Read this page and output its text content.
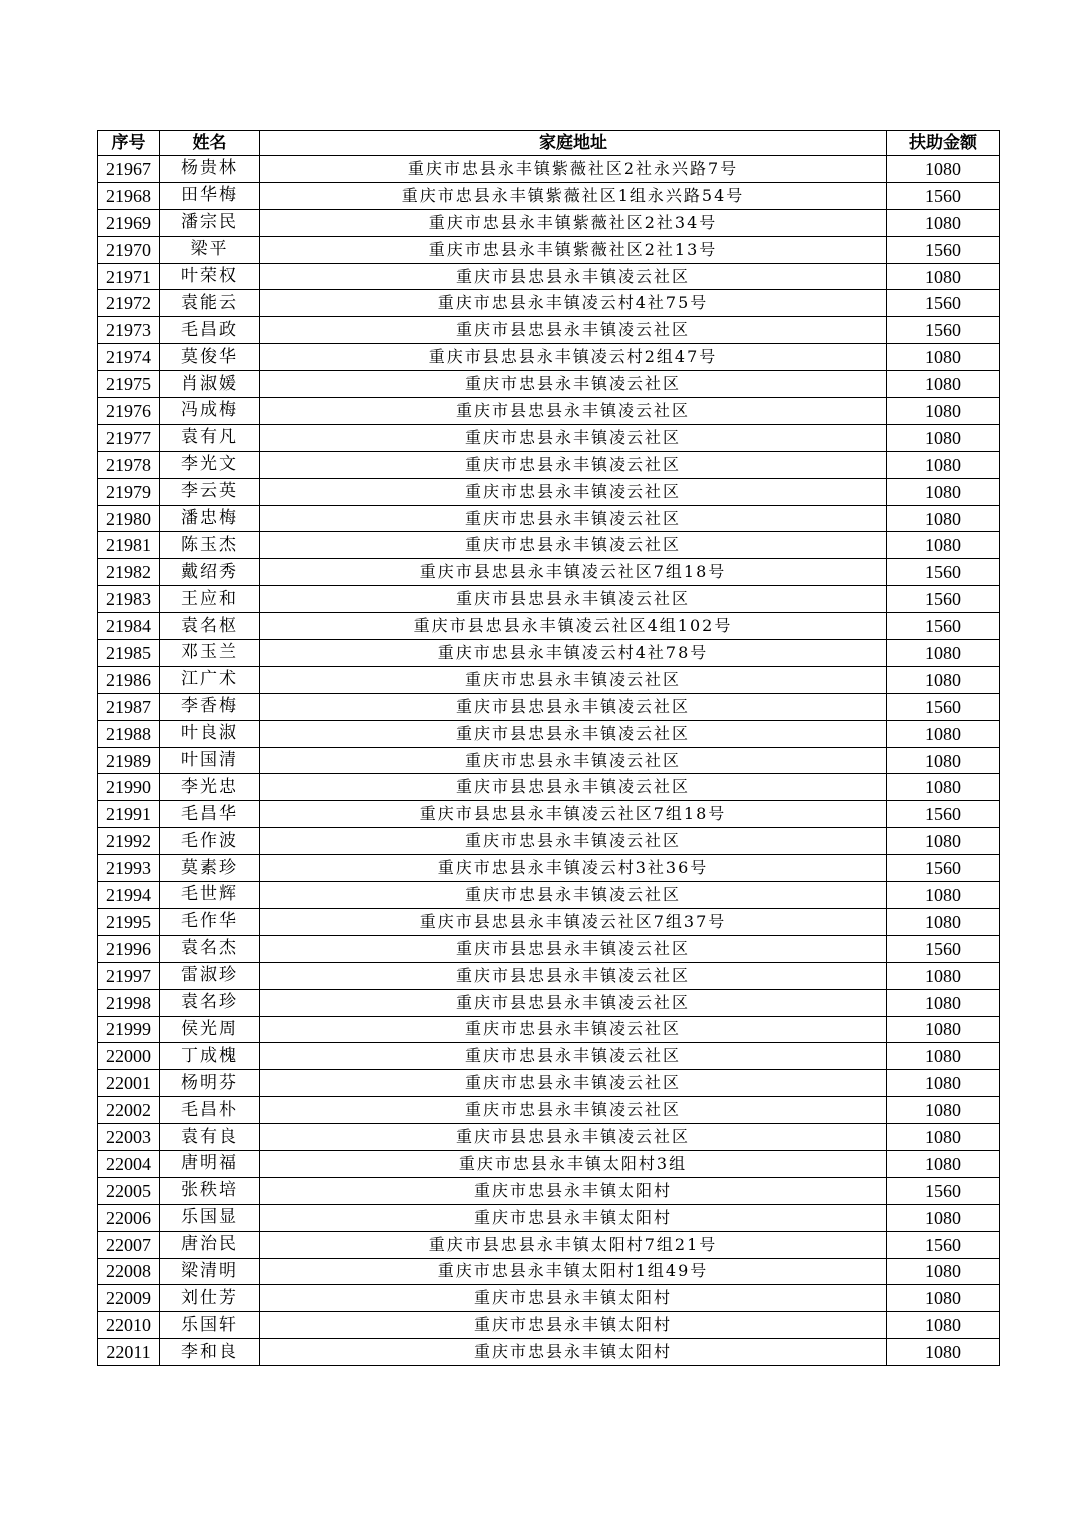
序号	姓名	家庭地址	扶助金额
21967	杨贵林	重庆市忠县永丰镇紫薇社区2社永兴路7号	1080
21968	田华梅	重庆市忠县永丰镇紫薇社区1组永兴路54号	1560
21969	潘宗民	重庆市忠县永丰镇紫薇社区2社34号	1080
21970	梁平	重庆市忠县永丰镇紫薇社区2社13号	1560
21971	叶荣权	重庆市县忠县永丰镇凌云社区	1080
21972	袁能云	重庆市忠县永丰镇凌云村4社75号	1560
21973	毛昌政	重庆市县忠县永丰镇凌云社区	1560
21974	莫俊华	重庆市县忠县永丰镇凌云村2组47号	1080
21975	肖淑媛	重庆市忠县永丰镇凌云社区	1080
21976	冯成梅	重庆市县忠县永丰镇凌云社区	1080
21977	袁有凡	重庆市忠县永丰镇凌云社区	1080
21978	李光文	重庆市忠县永丰镇凌云社区	1080
21979	李云英	重庆市忠县永丰镇凌云社区	1080
21980	潘忠梅	重庆市忠县永丰镇凌云社区	1080
21981	陈玉杰	重庆市忠县永丰镇凌云社区	1080
21982	戴绍秀	重庆市县忠县永丰镇凌云社区7组18号	1560
21983	王应和	重庆市县忠县永丰镇凌云社区	1560
21984	袁名枢	重庆市县忠县永丰镇凌云社区4组102号	1560
21985	邓玉兰	重庆市忠县永丰镇凌云村4社78号	1080
21986	江广术	重庆市忠县永丰镇凌云社区	1080
21987	李香梅	重庆市县忠县永丰镇凌云社区	1560
21988	叶良淑	重庆市县忠县永丰镇凌云社区	1080
21989	叶国清	重庆市忠县永丰镇凌云社区	1080
21990	李光忠	重庆市县忠县永丰镇凌云社区	1080
21991	毛昌华	重庆市县忠县永丰镇凌云社区7组18号	1560
21992	毛作波	重庆市忠县永丰镇凌云社区	1080
21993	莫素珍	重庆市忠县永丰镇凌云村3社36号	1560
21994	毛世辉	重庆市忠县永丰镇凌云社区	1080
21995	毛作华	重庆市县忠县永丰镇凌云社区7组37号	1080
21996	袁名杰	重庆市县忠县永丰镇凌云社区	1560
21997	雷淑珍	重庆市县忠县永丰镇凌云社区	1080
21998	袁名珍	重庆市县忠县永丰镇凌云社区	1080
21999	侯光周	重庆市忠县永丰镇凌云社区	1080
22000	丁成槐	重庆市忠县永丰镇凌云社区	1080
22001	杨明芬	重庆市忠县永丰镇凌云社区	1080
22002	毛昌朴	重庆市忠县永丰镇凌云社区	1080
22003	袁有良	重庆市县忠县永丰镇凌云社区	1080
22004	唐明福	重庆市忠县永丰镇太阳村3组	1080
22005	张秩培	重庆市忠县永丰镇太阳村	1560
22006	乐国显	重庆市忠县永丰镇太阳村	1080
22007	唐治民	重庆市县忠县永丰镇太阳村7组21号	1560
22008	梁清明	重庆市忠县永丰镇太阳村1组49号	1080
22009	刘仕芳	重庆市忠县永丰镇太阳村	1080
22010	乐国轩	重庆市忠县永丰镇太阳村	1080
22011	李和良	重庆市忠县永丰镇太阳村	1080
